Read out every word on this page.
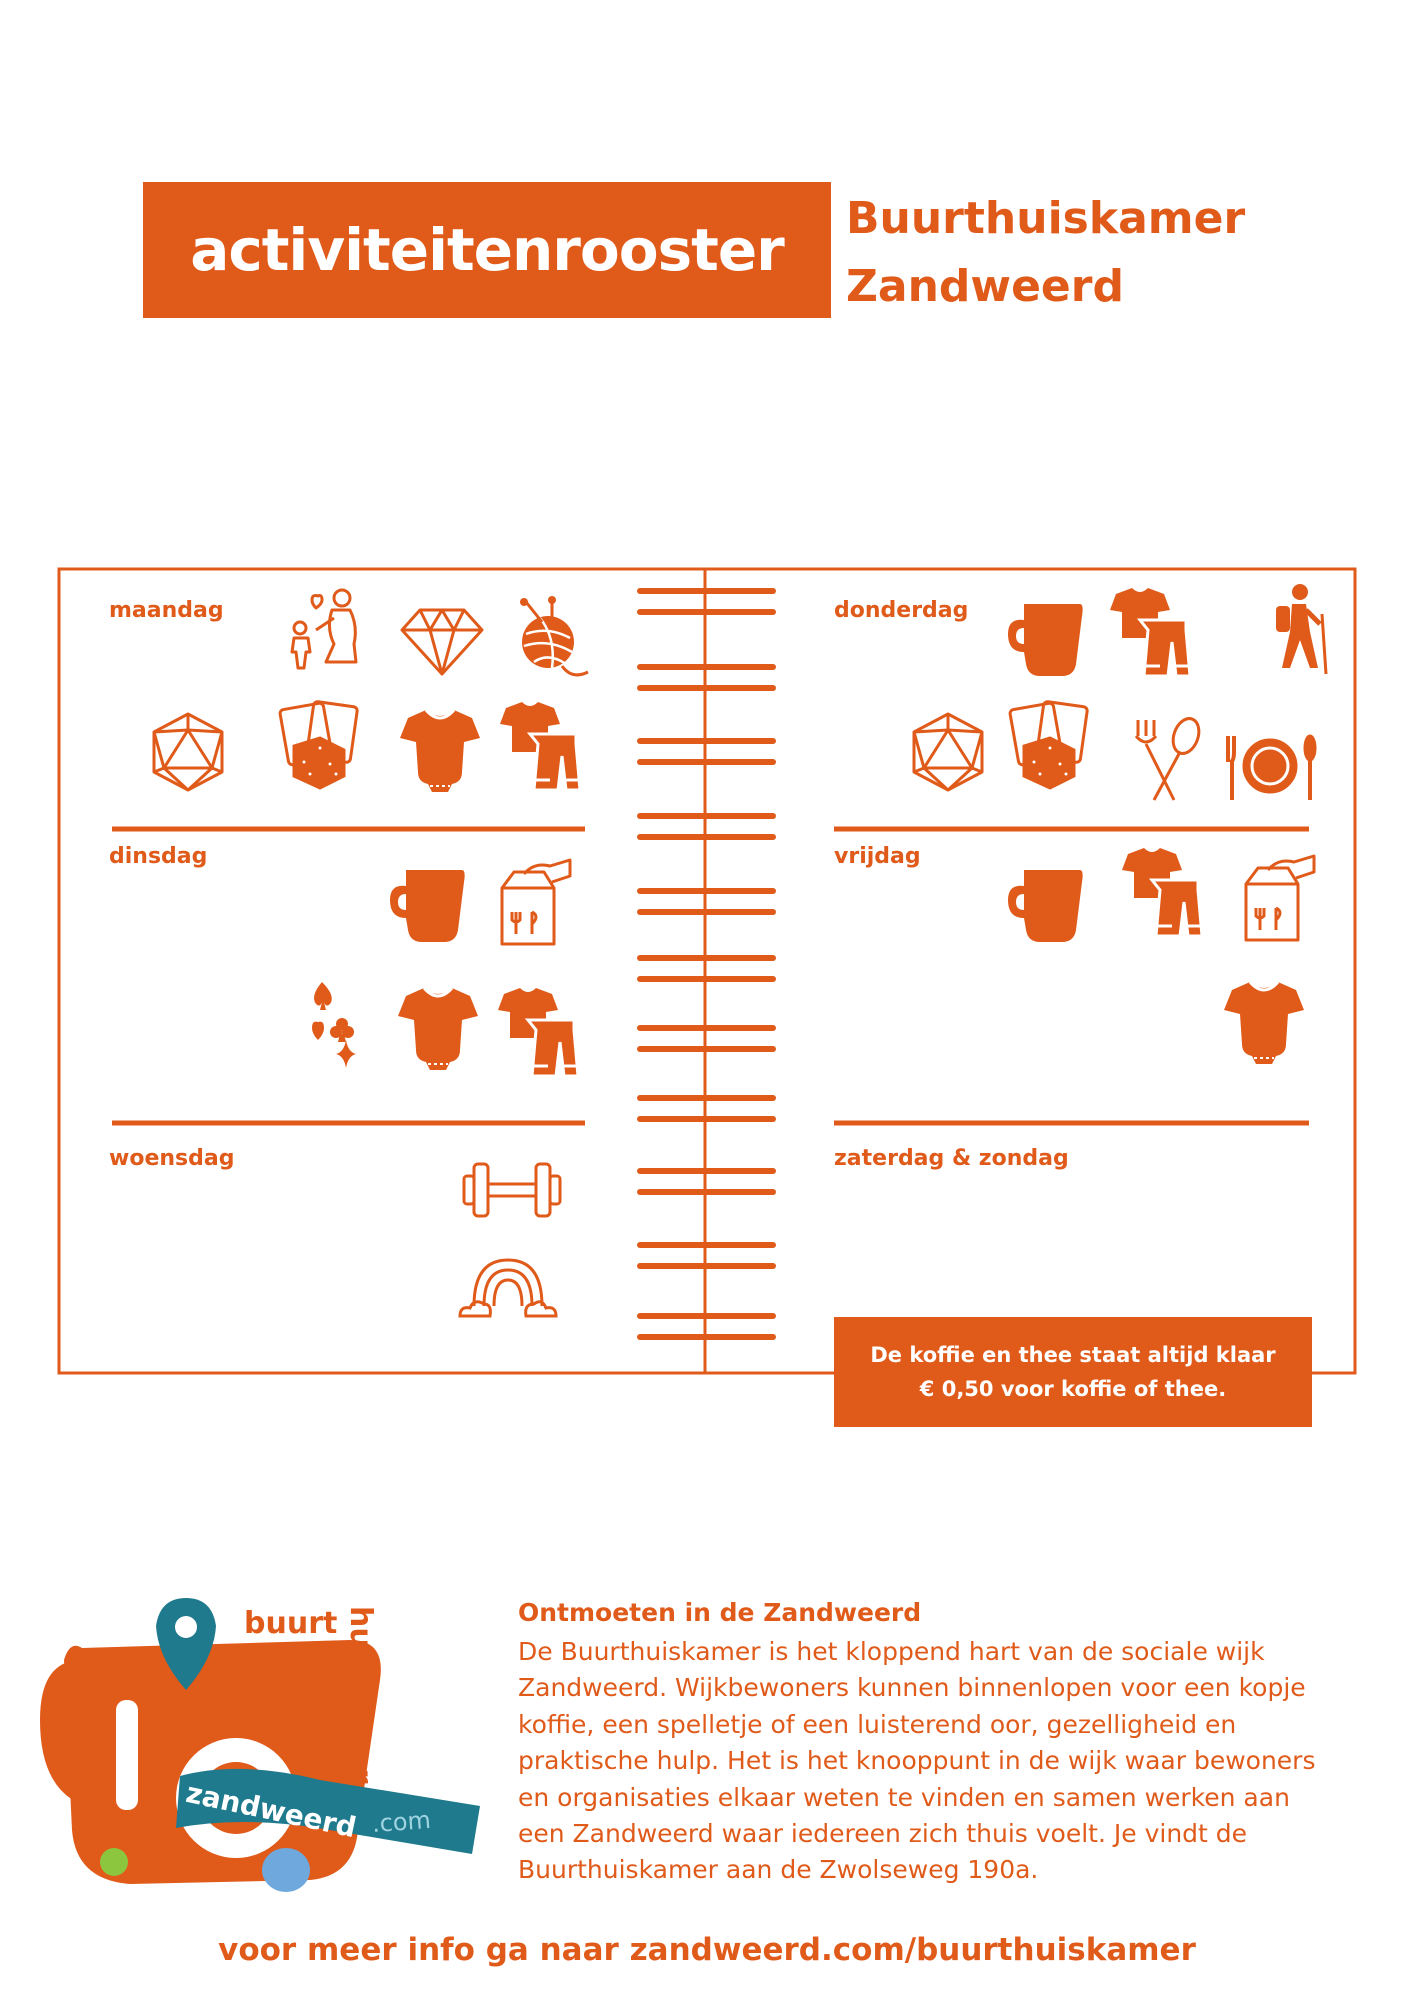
activiteitenrooster Buurthuiskamer
Zandweerd
maandag
dinsdag
woensdag
donderdag
vrijdag
zaterdag & zondag
De koffie en thee staat altijd klaar
€ 0,50 voor koffie of thee.
buurt huiskamer
zandweerd .com
Ontmoeten in de Zandweerd
De Buurthuiskamer is het kloppend hart van de sociale wijk
Zandweerd. Wijkbewoners kunnen binnenlopen voor een kopje
koffie, een spelletje of een luisterend oor, gezelligheid en
praktische hulp. Het is het knooppunt in de wijk waar bewoners
en organisaties elkaar weten te vinden en samen werken aan
een Zandweerd waar iedereen zich thuis voelt. Je vindt de
Buurthuiskamer aan de Zwolseweg 190a.
voor meer info ga naar zandweerd.com/buurthuiskamer
